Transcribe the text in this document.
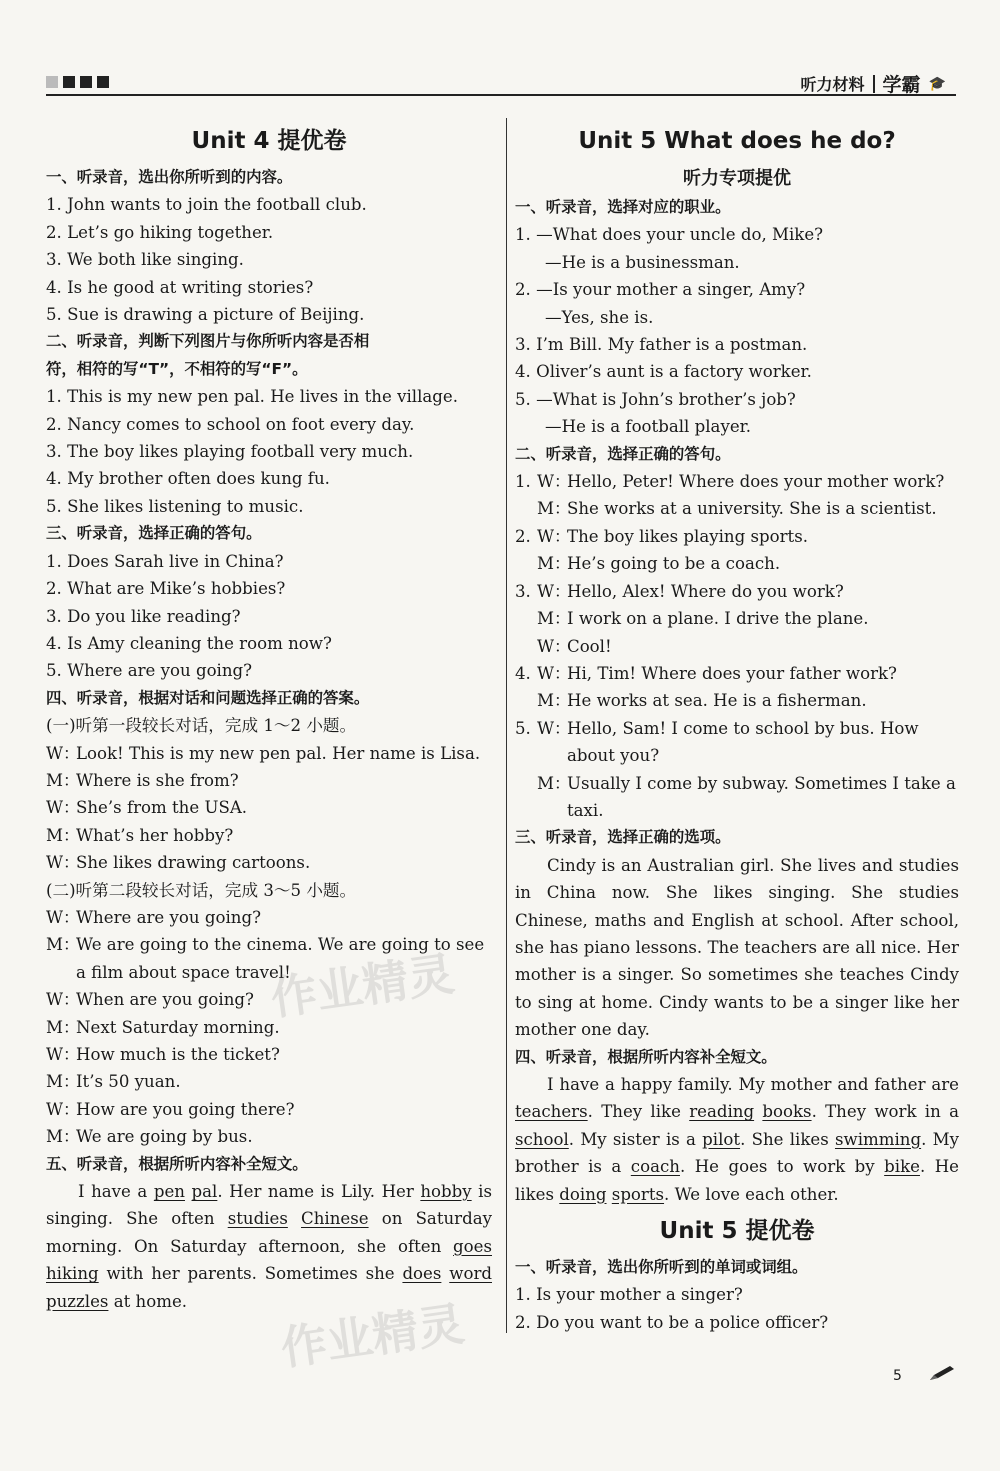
听力材料 学霸 🎓
Unit 4 提优卷
一、听录音，选出你所听到的内容。
1. John wants to join the football club.
2. Let’s go hiking together.
3. We both like singing.
4. Is he good at writing stories?
5. Sue is drawing a picture of Beijing.
二、听录音，判断下列图片与你所听内容是否相
符，相符的写“T”，不相符的写“F”。
1. This is my new pen pal. He lives in the village.
2. Nancy comes to school on foot every day.
3. The boy likes playing football very much.
4. My brother often does kung fu.
5. She likes listening to music.
三、听录音，选择正确的答句。
1. Does Sarah live in China?
2. What are Mike’s hobbies?
3. Do you like reading?
4. Is Amy cleaning the room now?
5. Where are you going?
四、听录音，根据对话和问题选择正确的答案。
(一)听第一段较长对话，完成 1～2 小题。
W：
Look! This is my new pen pal. Her name is Lisa.
M：
Where is she from?
W：
She’s from the USA.
M：
What’s her hobby?
W：
She likes drawing cartoons.
(二)听第二段较长对话，完成 3～5 小题。
W：
Where are you going?
M：
We are going to the cinema. We are going to see a film about space travel!
W：
When are you going?
M：
Next Saturday morning.
W：
How much is the ticket?
M：
It’s 50 yuan.
W：
How are you going there?
M：
We are going by bus.
五、听录音，根据所听内容补全短文。
I have a pen pal. Her name is Lily. Her hobby is singing. She often studies Chinese on Saturday morning. On Saturday afternoon, she often goes hiking with her parents. Sometimes she does word puzzles at home.
Unit 5 What does he do?
听力专项提优
一、听录音，选择对应的职业。
1. —What does your uncle do, Mike?
—He is a businessman.
2. —Is your mother a singer, Amy?
—Yes, she is.
3. I’m Bill. My father is a postman.
4. Oliver’s aunt is a factory worker.
5. —What is John’s brother’s job?
—He is a football player.
二、听录音，选择正确的答句。
1. W：
Hello, Peter! Where does your mother work?
M：
She works at a university. She is a scientist.
2. W：
The boy likes playing sports.
M：
He’s going to be a coach.
3. W：
Hello, Alex! Where do you work?
M：
I work on a plane. I drive the plane.
W：
Cool!
4. W：
Hi, Tim! Where does your father work?
M：
He works at sea. He is a fisherman.
5. W：
Hello, Sam! I come to school by bus. How about you?
M：
Usually I come by subway. Sometimes I take a taxi.
三、听录音，选择正确的选项。
Cindy is an Australian girl. She lives and studies in China now. She likes singing. She studies Chinese, maths and English at school. After school, she has piano lessons. The teachers are all nice. Her mother is a singer. So sometimes she teaches Cindy to sing at home. Cindy wants to be a singer like her mother one day.
四、听录音，根据所听内容补全短文。
I have a happy family. My mother and father are teachers. They like reading books. They work in a school. My sister is a pilot. She likes swimming. My brother is a coach. He goes to work by bike. He likes doing sports. We love each other.
Unit 5 提优卷
一、听录音，选出你所听到的单词或词组。
1. Is your mother a singer?
2. Do you want to be a police officer?
5
作业精灵
作业精灵
